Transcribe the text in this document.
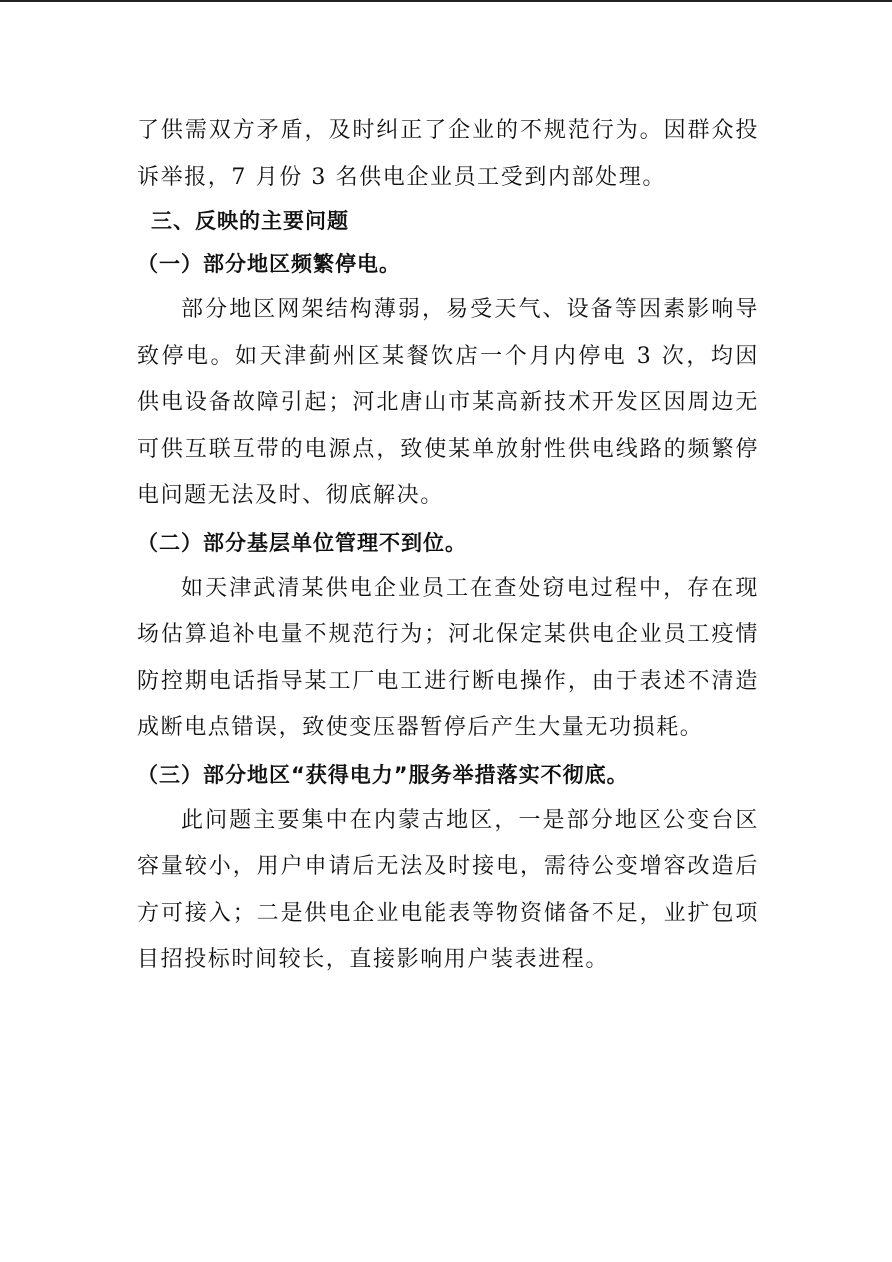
了供需双方矛盾，及时纠正了企业的不规范行为。因群众投诉举报，7 月份 3 名供电企业员工受到内部处理。

三、反映的主要问题
（一）部分地区频繁停电。

部分地区网架结构薄弱，易受天气、设备等因素影响导致停电。如天津蓟州区某餐饮店一个月内停电 3 次，均因供电设备故障引起；河北唐山市某高新技术开发区因周边无可供互联互带的电源点，致使某单放射性供电线路的频繁停电问题无法及时、彻底解决。

（二）部分基层单位管理不到位。

如天津武清某供电企业员工在查处窃电过程中，存在现场估算追补电量不规范行为；河北保定某供电企业员工疫情防控期电话指导某工厂电工进行断电操作，由于表述不清造成断电点错误，致使变压器暂停后产生大量无功损耗。

（三）部分地区“获得电力”服务举措落实不彻底。

此问题主要集中在内蒙古地区，一是部分地区公变台区容量较小，用户申请后无法及时接电，需待公变增容改造后方可接入；二是供电企业电能表等物资储备不足，业扩包项目招投标时间较长，直接影响用户装表进程。
